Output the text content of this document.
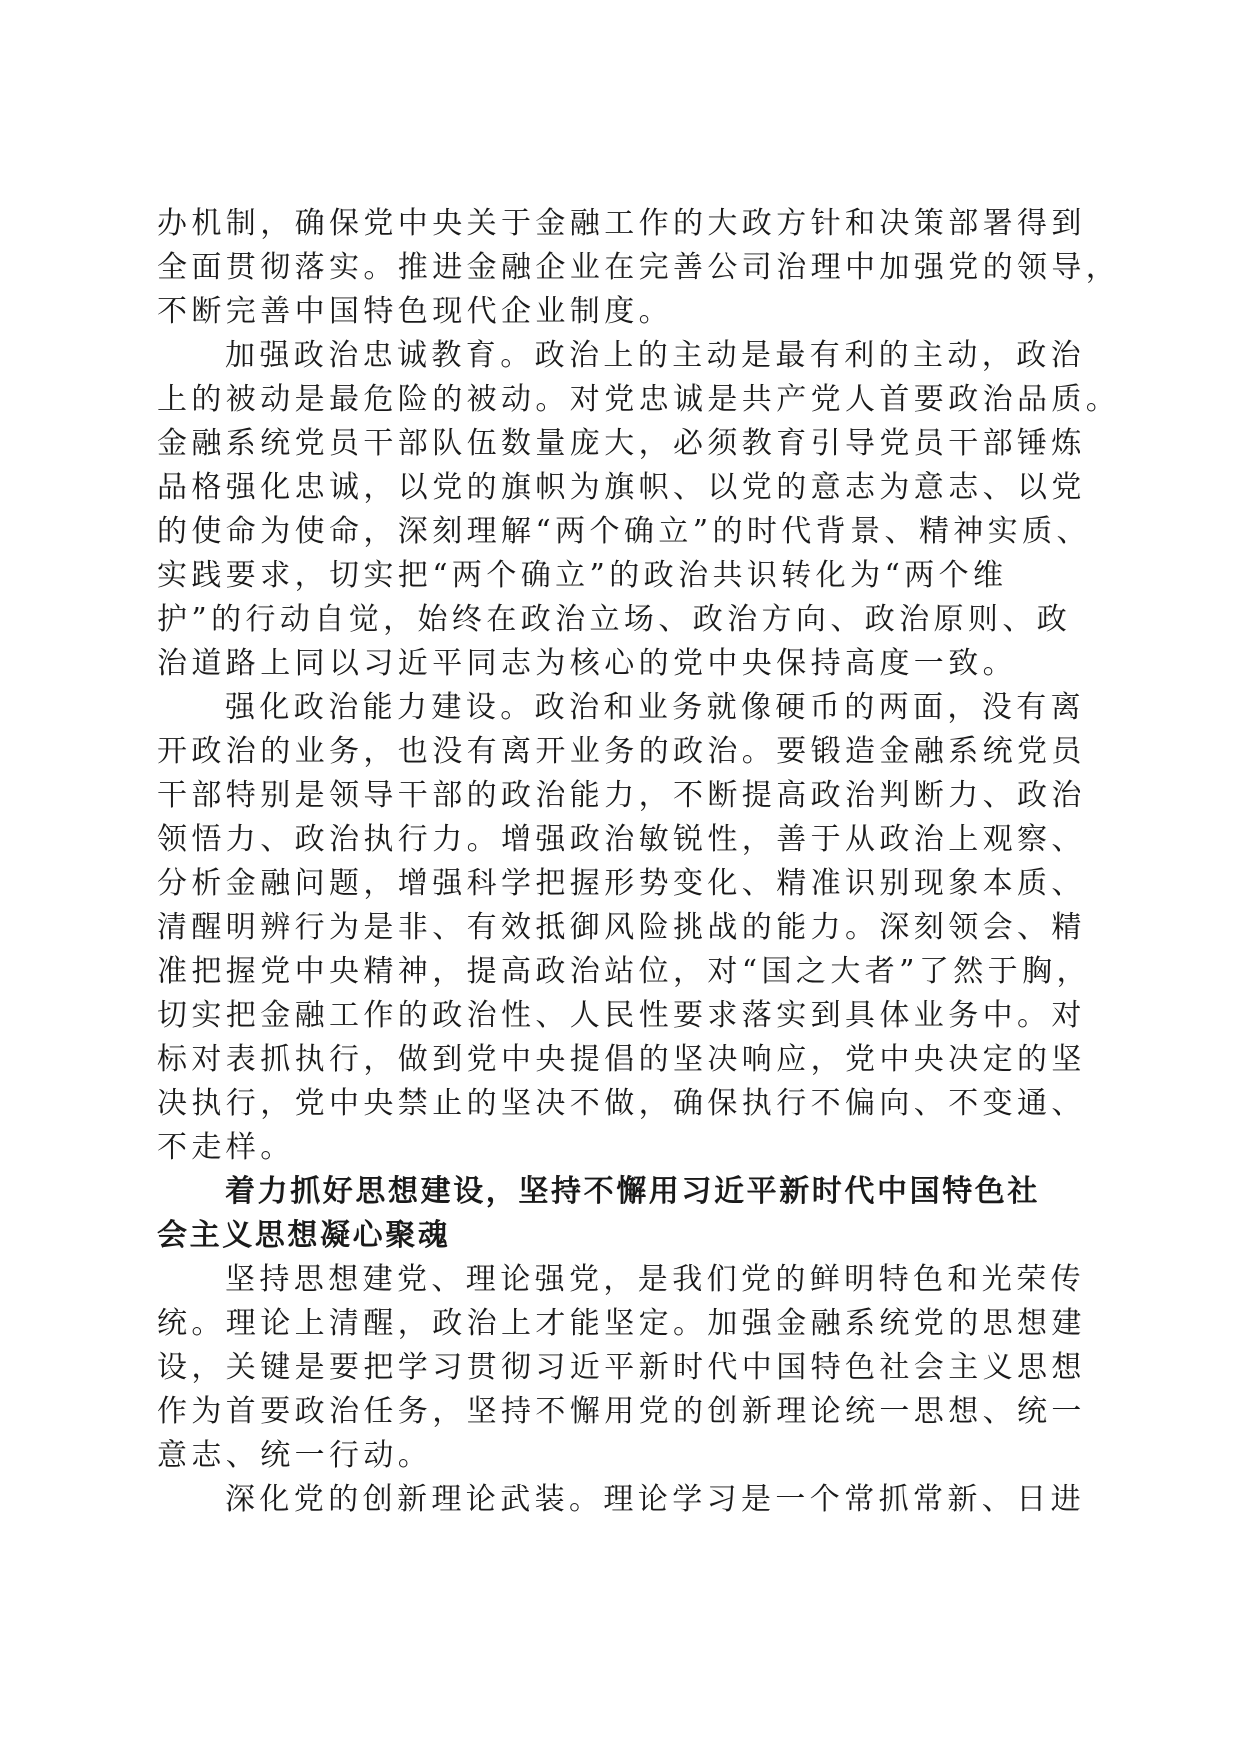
办机制，确保党中央关于金融工作的大政方针和决策部署得到
全面贯彻落实。推进金融企业在完善公司治理中加强党的领导，
不断完善中国特色现代企业制度。
加强政治忠诚教育。政治上的主动是最有利的主动，政治
上的被动是最危险的被动。对党忠诚是共产党人首要政治品质。
金融系统党员干部队伍数量庞大，必须教育引导党员干部锤炼
品格强化忠诚，以党的旗帜为旗帜、以党的意志为意志、以党
的使命为使命，深刻理解“两个确立”的时代背景、精神实质、
实践要求，切实把“两个确立”的政治共识转化为“两个维
护”的行动自觉，始终在政治立场、政治方向、政治原则、政
治道路上同以习近平同志为核心的党中央保持高度一致。
强化政治能力建设。政治和业务就像硬币的两面，没有离
开政治的业务，也没有离开业务的政治。要锻造金融系统党员
干部特别是领导干部的政治能力，不断提高政治判断力、政治
领悟力、政治执行力。增强政治敏锐性，善于从政治上观察、
分析金融问题，增强科学把握形势变化、精准识别现象本质、
清醒明辨行为是非、有效抵御风险挑战的能力。深刻领会、精
准把握党中央精神，提高政治站位，对“国之大者”了然于胸，
切实把金融工作的政治性、人民性要求落实到具体业务中。对
标对表抓执行，做到党中央提倡的坚决响应，党中央决定的坚
决执行，党中央禁止的坚决不做，确保执行不偏向、不变通、
不走样。
着力抓好思想建设，坚持不懈用习近平新时代中国特色社
会主义思想凝心聚魂
坚持思想建党、理论强党，是我们党的鲜明特色和光荣传
统。理论上清醒，政治上才能坚定。加强金融系统党的思想建
设，关键是要把学习贯彻习近平新时代中国特色社会主义思想
作为首要政治任务，坚持不懈用党的创新理论统一思想、统一
意志、统一行动。
深化党的创新理论武装。理论学习是一个常抓常新、日进
